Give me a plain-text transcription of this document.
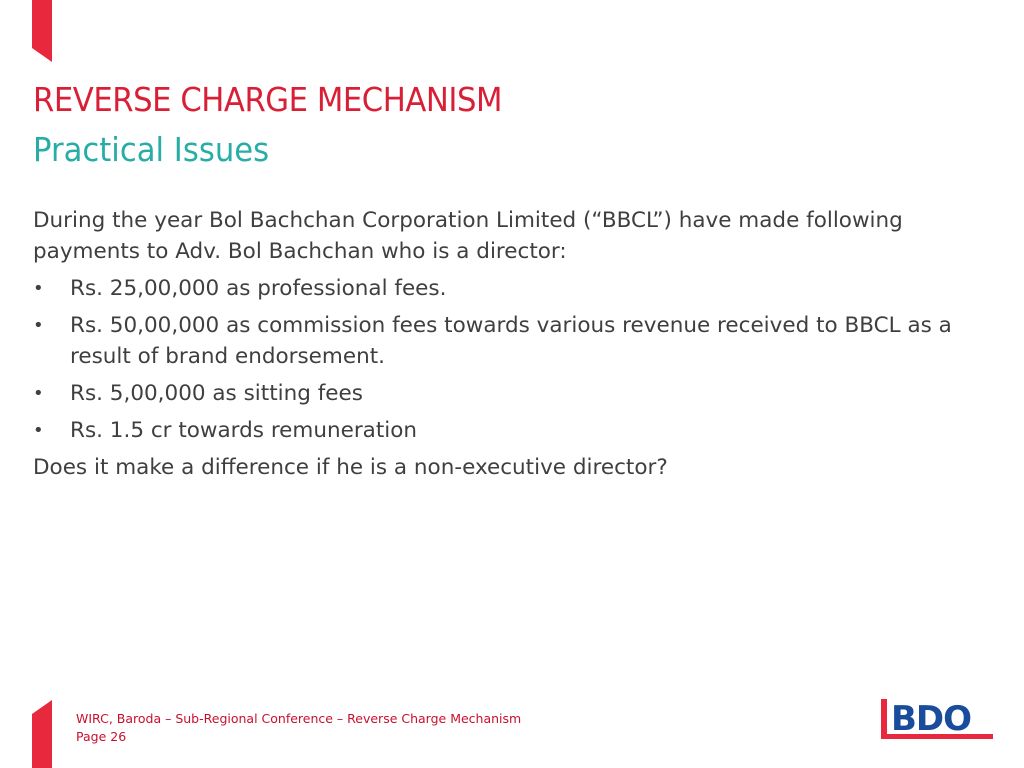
REVERSE CHARGE MECHANISM
Practical Issues

During the year Bol Bachchan Corporation Limited (“BBCL”) have made following payments to Adv. Bol Bachchan who is a director:

•	Rs. 25,00,000 as professional fees.
•	Rs. 50,00,000 as commission fees towards various revenue received to BBCL as a result of brand endorsement.
•	Rs. 5,00,000 as sitting fees
•	Rs. 1.5 cr towards remuneration

Does it make a difference if he is a non-executive director?

WIRC, Baroda – Sub-Regional Conference – Reverse Charge Mechanism
Page 26	BDO
